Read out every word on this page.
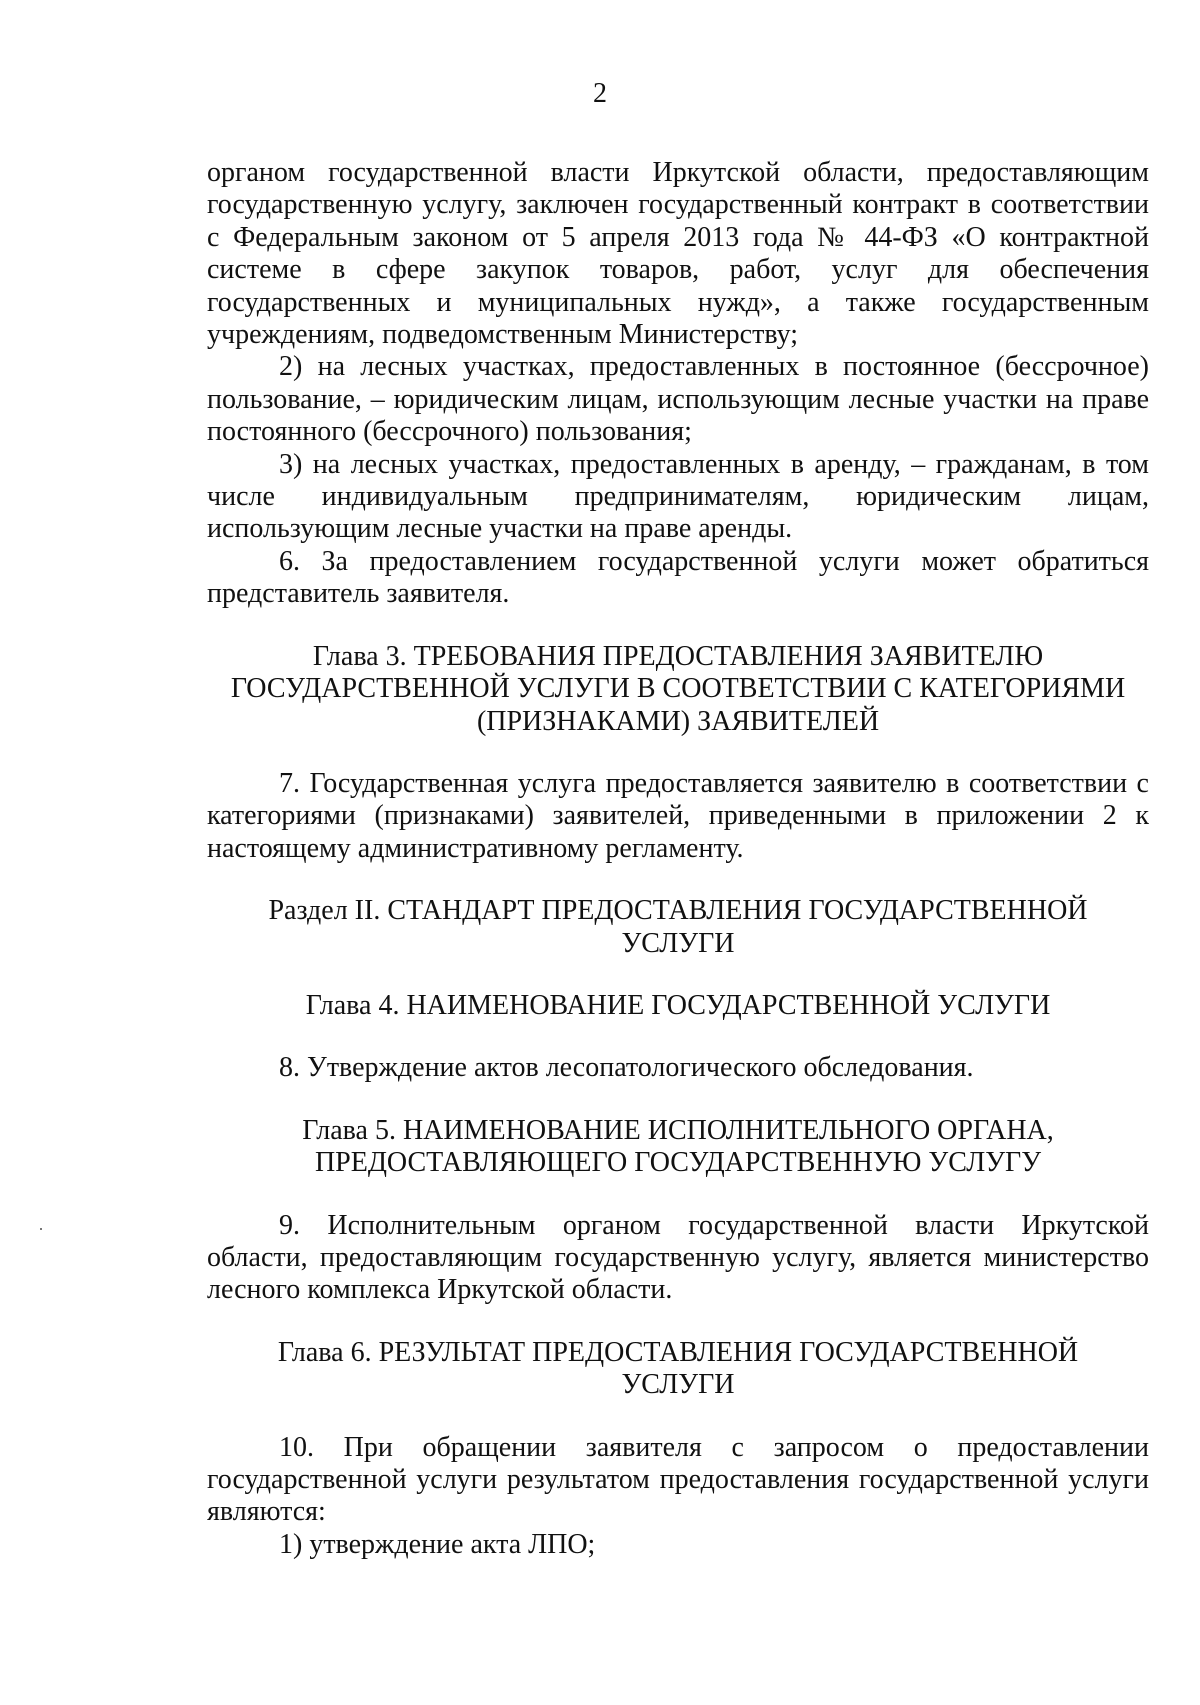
2

органом государственной власти Иркутской области, предоставляющим государственную услугу, заключен государственный контракт в соответствии с Федеральным законом от 5 апреля 2013 года № 44-ФЗ «О контрактной системе в сфере закупок товаров, работ, услуг для обеспечения государственных и муниципальных нужд», а также государственным учреждениям, подведомственным Министерству;

2) на лесных участках, предоставленных в постоянное (бессрочное) пользование, – юридическим лицам, использующим лесные участки на праве постоянного (бессрочного) пользования;

3) на лесных участках, предоставленных в аренду, – гражданам, в том числе индивидуальным предпринимателям, юридическим лицам, использующим лесные участки на праве аренды.

6. За предоставлением государственной услуги может обратиться представитель заявителя.

Глава 3. ТРЕБОВАНИЯ ПРЕДОСТАВЛЕНИЯ ЗАЯВИТЕЛЮ

ГОСУДАРСТВЕННОЙ УСЛУГИ В СООТВЕТСТВИИ С КАТЕГОРИЯМИ

(ПРИЗНАКАМИ) ЗАЯВИТЕЛЕЙ

7. Государственная услуга предоставляется заявителю в соответствии с категориями (признаками) заявителей, приведенными в приложении 2 к настоящему административному регламенту.

Раздел II. СТАНДАРТ ПРЕДОСТАВЛЕНИЯ ГОСУДАРСТВЕННОЙ

УСЛУГИ

Глава 4. НАИМЕНОВАНИЕ ГОСУДАРСТВЕННОЙ УСЛУГИ

8. Утверждение актов лесопатологического обследования.

Глава 5. НАИМЕНОВАНИЕ ИСПОЛНИТЕЛЬНОГО ОРГАНА,

ПРЕДОСТАВЛЯЮЩЕГО ГОСУДАРСТВЕННУЮ УСЛУГУ

9. Исполнительным органом государственной власти Иркутской области, предоставляющим государственную услугу, является министерство лесного комплекса Иркутской области.

Глава 6. РЕЗУЛЬТАТ ПРЕДОСТАВЛЕНИЯ ГОСУДАРСТВЕННОЙ

УСЛУГИ

10. При обращении заявителя с запросом о предоставлении государственной услуги результатом предоставления государственной услуги являются:

1) утверждение акта ЛПО;
